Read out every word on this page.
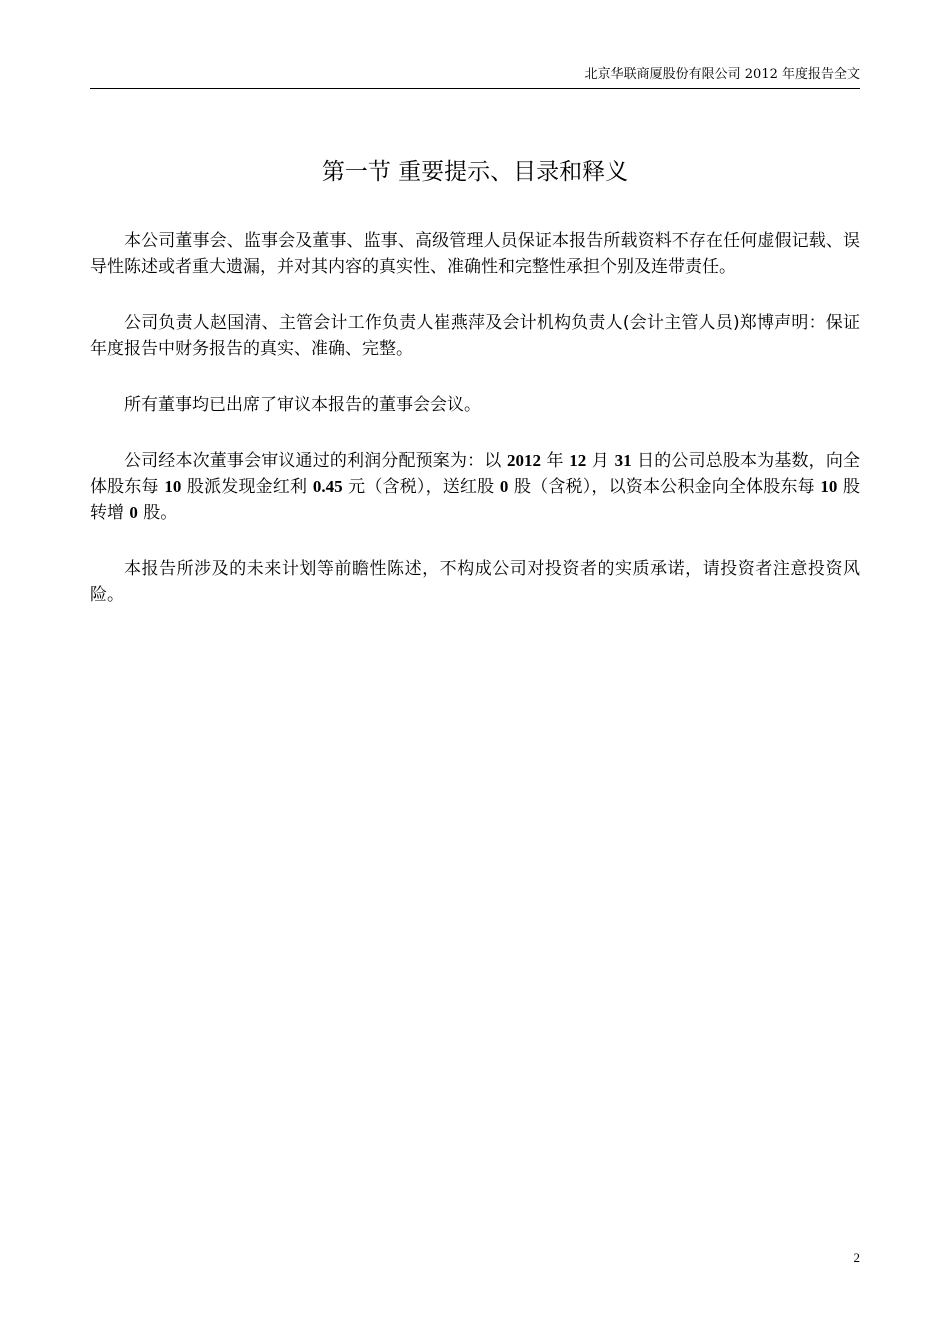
北京华联商厦股份有限公司 2012 年度报告全文
第一节 重要提示、目录和释义

本公司董事会、监事会及董事、监事、高级管理人员保证本报告所载资料不存在任何虚假记载、误导性陈述或者重大遗漏，并对其内容的真实性、准确性和完整性承担个别及连带责任。

公司负责人赵国清、主管会计工作负责人崔燕萍及会计机构负责人(会计主管人员)郑博声明：保证年度报告中财务报告的真实、准确、完整。

所有董事均已出席了审议本报告的董事会会议。

公司经本次董事会审议通过的利润分配预案为：以 2012 年 12 月 31 日的公司总股本为基数，向全体股东每 10 股派发现金红利 0.45 元（含税），送红股 0 股（含税），以资本公积金向全体股东每 10 股转增 0 股。

本报告所涉及的未来计划等前瞻性陈述，不构成公司对投资者的实质承诺，请投资者注意投资风险。

2
